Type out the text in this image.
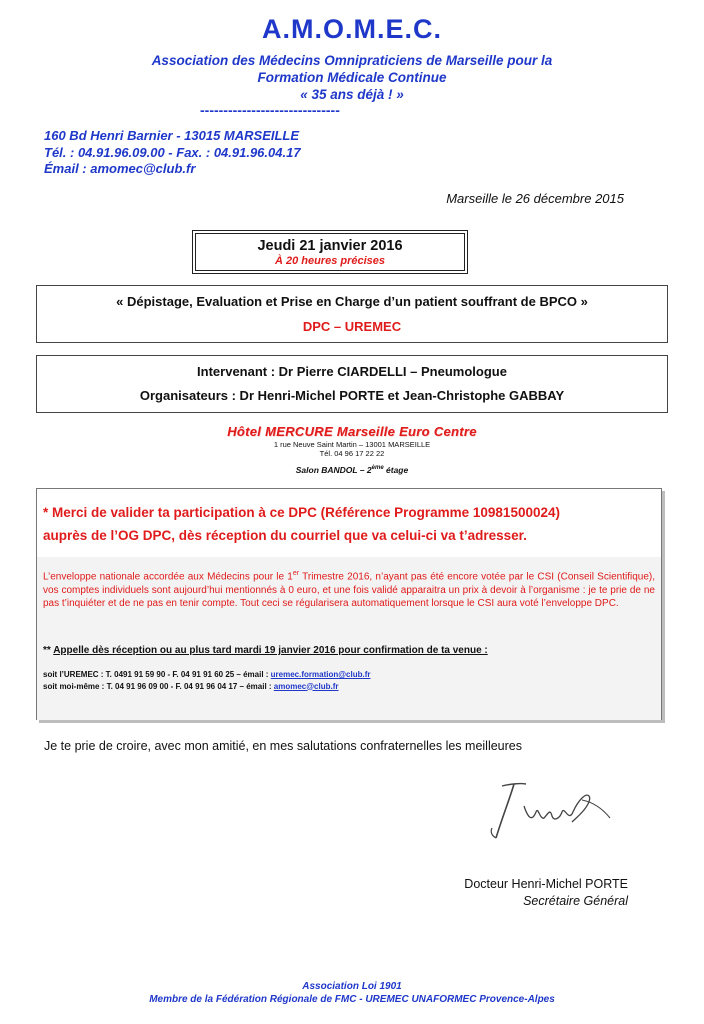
A.M.O.M.E.C.
Association des Médecins Omnipraticiens de Marseille pour la
Formation Médicale Continue
« 35 ans déjà ! »
------------------------------
160 Bd Henri Barnier - 13015 MARSEILLE
Tél. : 04.91.96.09.00 - Fax. : 04.91.96.04.17
Émail : amomec@club.fr
Marseille le 26 décembre 2015
Jeudi 21 janvier 2016
À 20 heures précises
« Dépistage, Evaluation et Prise en Charge d’un patient souffrant de BPCO »
DPC – UREMEC
Intervenant : Dr Pierre CIARDELLI – Pneumologue
Organisateurs : Dr Henri-Michel PORTE et Jean-Christophe GABBAY
Hôtel MERCURE Marseille Euro Centre
1 rue Neuve Saint Martin – 13001 MARSEILLE
Tél. 04 96 17 22 22
Salon BANDOL – 2ème étage
* Merci de valider ta participation à ce DPC (Référence Programme 10981500024)
auprès de l’OG DPC, dès réception du courriel que va celui-ci va t’adresser.

L’enveloppe nationale accordée aux Médecins pour le 1er Trimestre 2016, n’ayant pas été encore votée par le CSI (Conseil Scientifique), vos comptes individuels sont aujourd’hui mentionnés à 0 euro, et une fois validé apparaitra un prix à devoir à l’organisme : je te prie de ne pas t’inquiéter et de ne pas en tenir compte. Tout ceci se régularisera automatiquement lorsque le CSI aura voté l’enveloppe DPC.

** Appelle dès réception ou au plus tard mardi 19 janvier 2016 pour confirmation de ta venue :
soit l’UREMEC : T. 0491 91 59 90 - F. 04 91 91 60 25 – émail : uremec.formation@club.fr
soit moi-même : T. 04 91 96 09 00 - F. 04 91 96 04 17 – émail : amomec@club.fr
Je te prie de croire, avec mon amitié, en mes salutations confraternelles les meilleures
Docteur Henri-Michel PORTE
Secrétaire Général
Association Loi 1901
Membre de la Fédération Régionale de FMC - UREMEC UNAFORMEC Provence-Alpes
